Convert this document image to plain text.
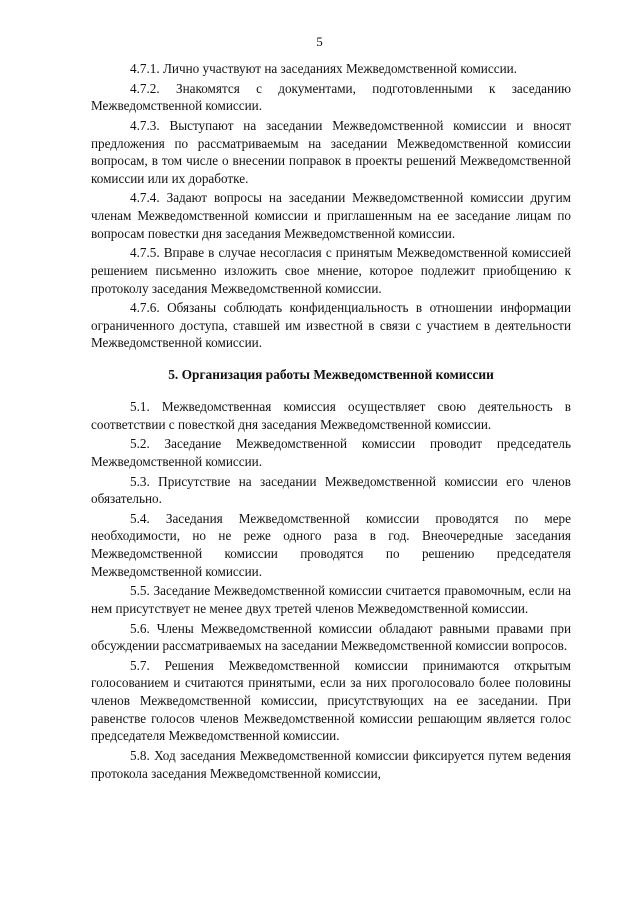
5

4.7.1. Лично участвуют на заседаниях Межведомственной комиссии.

4.7.2. Знакомятся с документами, подготовленными к заседанию Межведомственной комиссии.

4.7.3. Выступают на заседании Межведомственной комиссии и вносят предложения по рассматриваемым на заседании Межведомственной комиссии вопросам, в том числе о внесении поправок в проекты решений Межведомственной комиссии или их доработке.

4.7.4. Задают вопросы на заседании Межведомственной комиссии другим членам Межведомственной комиссии и приглашенным на ее заседание лицам по вопросам повестки дня заседания Межведомственной комиссии.

4.7.5. Вправе в случае несогласия с принятым Межведомственной комиссией решением письменно изложить свое мнение, которое подлежит приобщению к протоколу заседания Межведомственной комиссии.

4.7.6. Обязаны соблюдать конфиденциальность в отношении информации ограниченного доступа, ставшей им известной в связи с участием в деятельности Межведомственной комиссии.

5. Организация работы Межведомственной комиссии

5.1. Межведомственная комиссия осуществляет свою деятельность в соответствии с повесткой дня заседания Межведомственной комиссии.

5.2. Заседание Межведомственной комиссии проводит председатель Межведомственной комиссии.

5.3. Присутствие на заседании Межведомственной комиссии его членов обязательно.

5.4. Заседания Межведомственной комиссии проводятся по мере необходимости, но не реже одного раза в год. Внеочередные заседания Межведомственной комиссии проводятся по решению председателя Межведомственной комиссии.

5.5. Заседание Межведомственной комиссии считается правомочным, если на нем присутствует не менее двух третей членов Межведомственной комиссии.

5.6. Члены Межведомственной комиссии обладают равными правами при обсуждении рассматриваемых на заседании Межведомственной комиссии вопросов.

5.7. Решения Межведомственной комиссии принимаются открытым голосованием и считаются принятыми, если за них проголосовало более половины членов Межведомственной комиссии, присутствующих на ее заседании. При равенстве голосов членов Межведомственной комиссии решающим является голос председателя Межведомственной комиссии.

5.8. Ход заседания Межведомственной комиссии фиксируется путем ведения протокола заседания Межведомственной комиссии,
